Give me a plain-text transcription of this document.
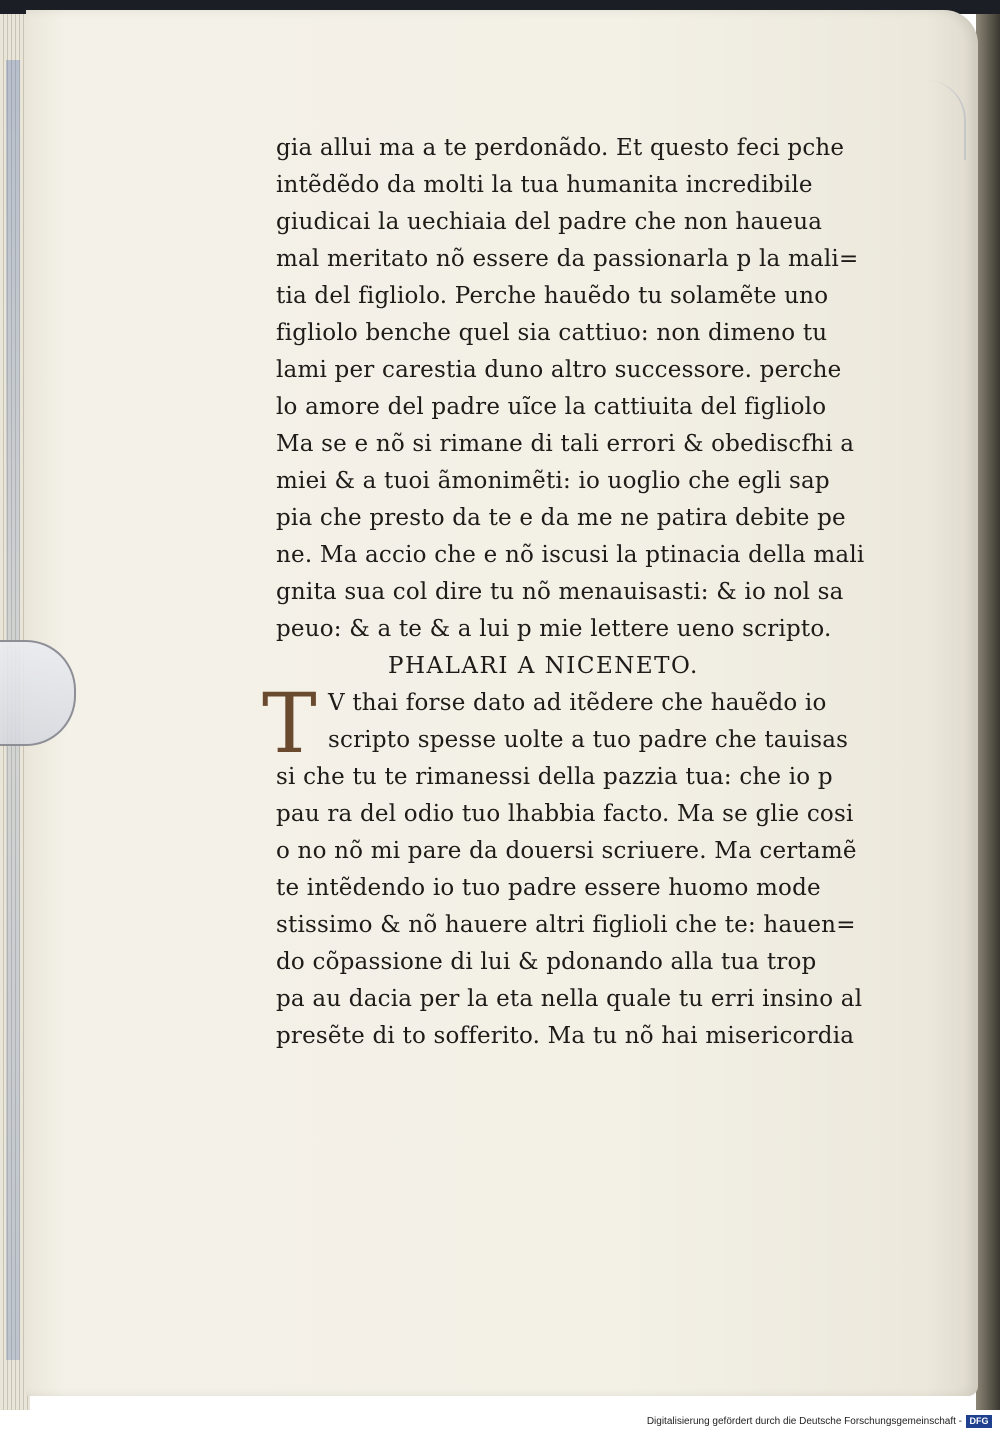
gia allui ma a te perdonãdo. Et questo feci pche
intẽdẽdo da molti la tua humanita incredibile
giudicai la uechiaia del padre che non haueua
mal meritato nõ essere da passionarla p la mali=
tia del figliolo. Perche hauẽdo tu solamẽte uno
figliolo benche quel sia cattiuo: non dimeno tu
lami per carestia duno altro successore. perche
lo amore del padre uĩce la cattiuita del figliolo
Ma se e nõ si rimane di tali errori & obediscfhi a
miei & a tuoi ãmonimẽti: io uoglio che egli sap
pia che presto da te e da me ne patira debite pe
ne. Ma accio che e nõ iscusi la ptinacia della mali
gnita sua col dire tu nõ menauisasti: & io nol sa
peuo: & a te & a lui p mie lettere ueno scripto.
PHALARI A NICENETO.
T V thai forse dato ad itẽdere che hauẽdo io
scripto spesse uolte a tuo padre che tauisas
si che tu te rimanessi della pazzia tua: che io p
pau ra del odio tuo lhabbia facto. Ma se glie cosi
o no nõ mi pare da douersi scriuere. Ma certamẽ
te intẽdendo io tuo padre essere huomo mode
stissimo & nõ hauere altri figlioli che te: hauen=
do cõpassione di lui & pdonando alla tua trop
pa au dacia per la eta nella quale tu erri insino al
presẽte di to sofferito. Ma tu nõ hai misericordia
Digitalisierung gefördert durch die Deutsche Forschungsgemeinschaft - DFG
